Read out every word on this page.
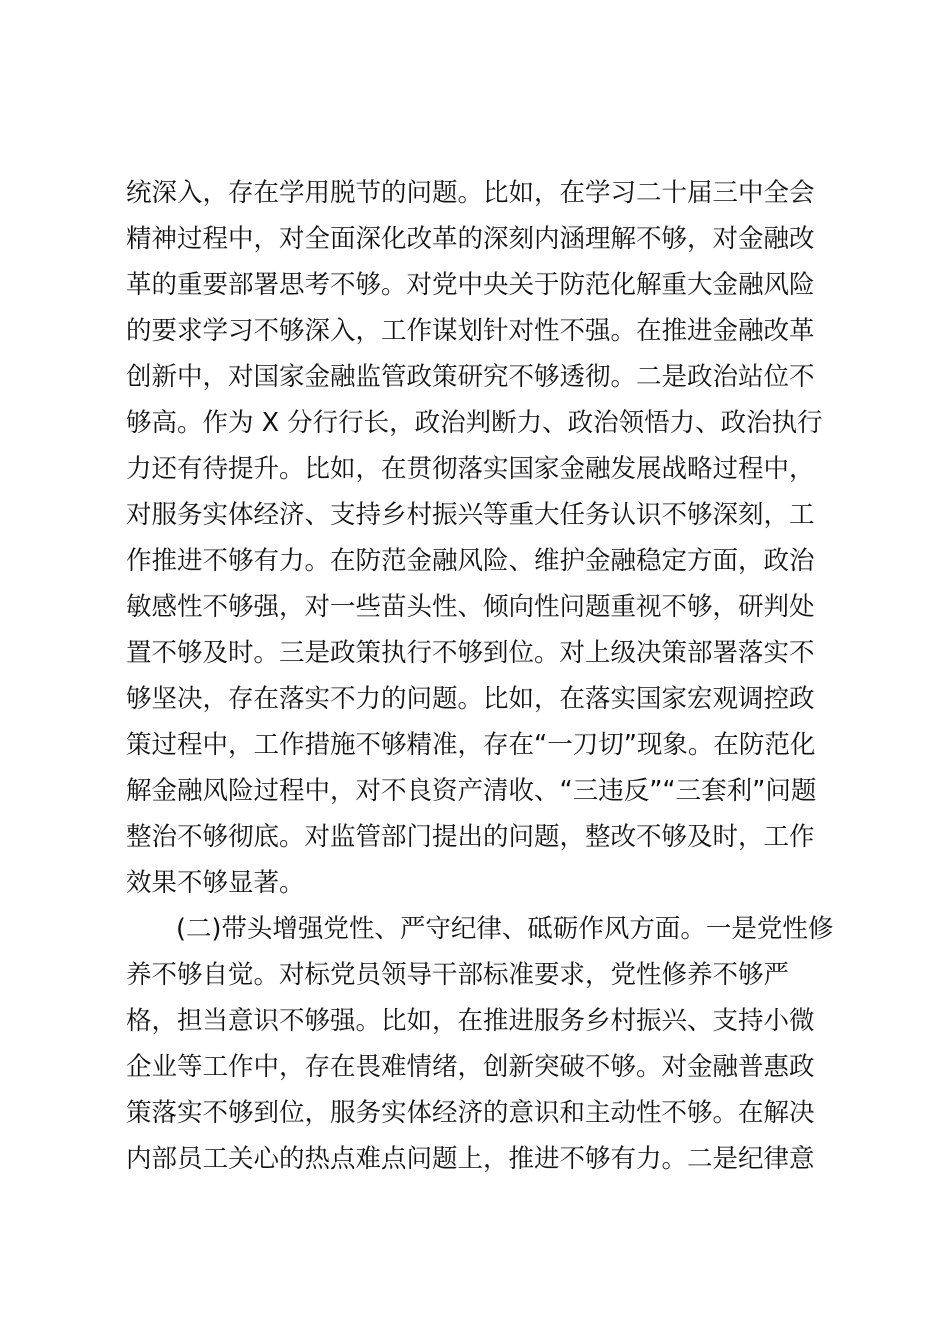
统深入，存在学用脱节的问题。比如，在学习二十届三中全会
精神过程中，对全面深化改革的深刻内涵理解不够，对金融改
革的重要部署思考不够。对党中央关于防范化解重大金融风险
的要求学习不够深入，工作谋划针对性不强。在推进金融改革
创新中，对国家金融监管政策研究不够透彻。二是政治站位不
够高。作为 X 分行行长，政治判断力、政治领悟力、政治执行
力还有待提升。比如，在贯彻落实国家金融发展战略过程中，
对服务实体经济、支持乡村振兴等重大任务认识不够深刻，工
作推进不够有力。在防范金融风险、维护金融稳定方面，政治
敏感性不够强，对一些苗头性、倾向性问题重视不够，研判处
置不够及时。三是政策执行不够到位。对上级决策部署落实不
够坚决，存在落实不力的问题。比如，在落实国家宏观调控政
策过程中，工作措施不够精准，存在“一刀切”现象。在防范化
解金融风险过程中，对不良资产清收、“三违反”“三套利”问题
整治不够彻底。对监管部门提出的问题，整改不够及时，工作
效果不够显著。
(二)带头增强党性、严守纪律、砥砺作风方面。一是党性修
养不够自觉。对标党员领导干部标准要求，党性修养不够严
格，担当意识不够强。比如，在推进服务乡村振兴、支持小微
企业等工作中，存在畏难情绪，创新突破不够。对金融普惠政
策落实不够到位，服务实体经济的意识和主动性不够。在解决
内部员工关心的热点难点问题上，推进不够有力。二是纪律意
